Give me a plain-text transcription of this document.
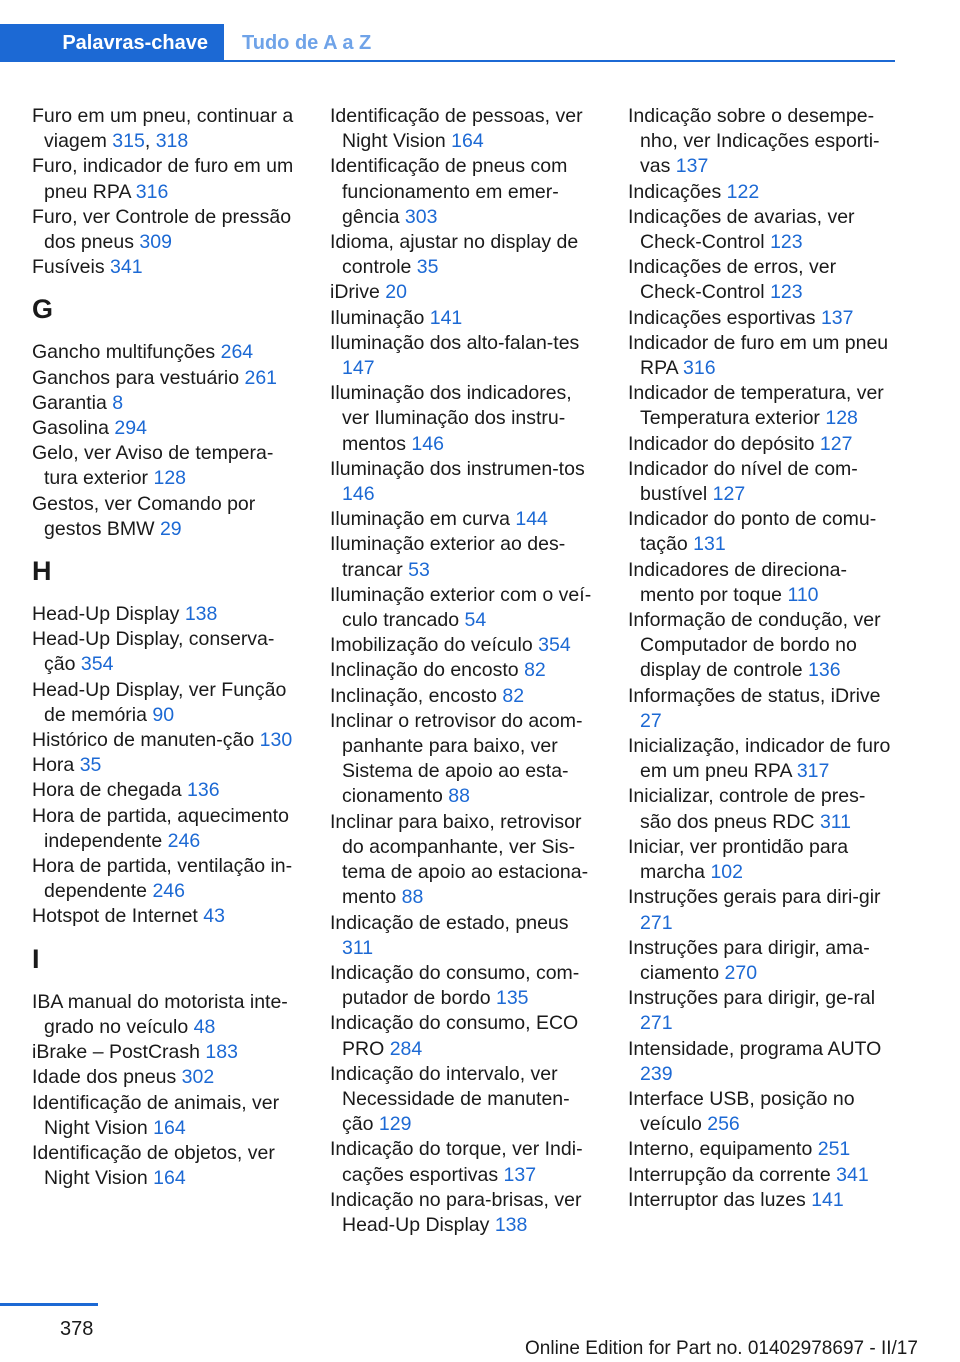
Palavras-chave Tudo de A a Z
Furo em um pneu, continuar a viagem 315, 318
Furo, indicador de furo em um pneu RPA 316
Furo, ver Controle de pressão dos pneus 309
Fusíveis 341
G
Gancho multifunções 264
Ganchos para vestuário 261
Garantia 8
Gasolina 294
Gelo, ver Aviso de tempera-tura exterior 128
Gestos, ver Comando por gestos BMW 29
H
Head-Up Display 138
Head-Up Display, conserva-ção 354
Head-Up Display, ver Função de memória 90
Histórico de manuten-ção 130
Hora 35
Hora de chegada 136
Hora de partida, aquecimento independente 246
Hora de partida, ventilação in-dependente 246
Hotspot de Internet 43
I
IBA manual do motorista inte-grado no veículo 48
iBrake – PostCrash 183
Idade dos pneus 302
Identificação de animais, ver Night Vision 164
Identificação de objetos, ver Night Vision 164
Identificação de pessoas, ver Night Vision 164
Identificação de pneus com funcionamento em emer-gência 303
Idioma, ajustar no display de controle 35
iDrive 20
Iluminação 141
Iluminação dos alto-falan-tes 147
Iluminação dos indicadores, ver Iluminação dos instru-mentos 146
Iluminação dos instrumen-tos 146
Iluminação em curva 144
Iluminação exterior ao des-trancar 53
Iluminação exterior com o veí-culo trancado 54
Imobilização do veículo 354
Inclinação do encosto 82
Inclinação, encosto 82
Inclinar o retrovisor do acom-panhante para baixo, ver Sistema de apoio ao esta-cionamento 88
Inclinar para baixo, retrovisor do acompanhante, ver Sis-tema de apoio ao estaciona-mento 88
Indicação de estado, pneus 311
Indicação do consumo, com-putador de bordo 135
Indicação do consumo, ECO PRO 284
Indicação do intervalo, ver Necessidade de manuten-ção 129
Indicação do torque, ver Indi-cações esportivas 137
Indicação no para-brisas, ver Head-Up Display 138
Indicação sobre o desempe-nho, ver Indicações esporti-vas 137
Indicações 122
Indicações de avarias, ver Check-Control 123
Indicações de erros, ver Check-Control 123
Indicações esportivas 137
Indicador de furo em um pneu RPA 316
Indicador de temperatura, ver Temperatura exterior 128
Indicador do depósito 127
Indicador do nível de com-bustível 127
Indicador do ponto de comu-tação 131
Indicadores de direciona-mento por toque 110
Informação de condução, ver Computador de bordo no display de controle 136
Informações de status, iDrive 27
Inicialização, indicador de furo em um pneu RPA 317
Inicializar, controle de pres-são dos pneus RDC 311
Iniciar, ver prontidão para marcha 102
Instruções gerais para diri-gir 271
Instruções para dirigir, ama-ciamento 270
Instruções para dirigir, ge-ral 271
Intensidade, programa AUTO 239
Interface USB, posição no veículo 256
Interno, equipamento 251
Interrupção da corrente 341
Interruptor das luzes 141
378
Online Edition for Part no. 01402978697 - II/17
